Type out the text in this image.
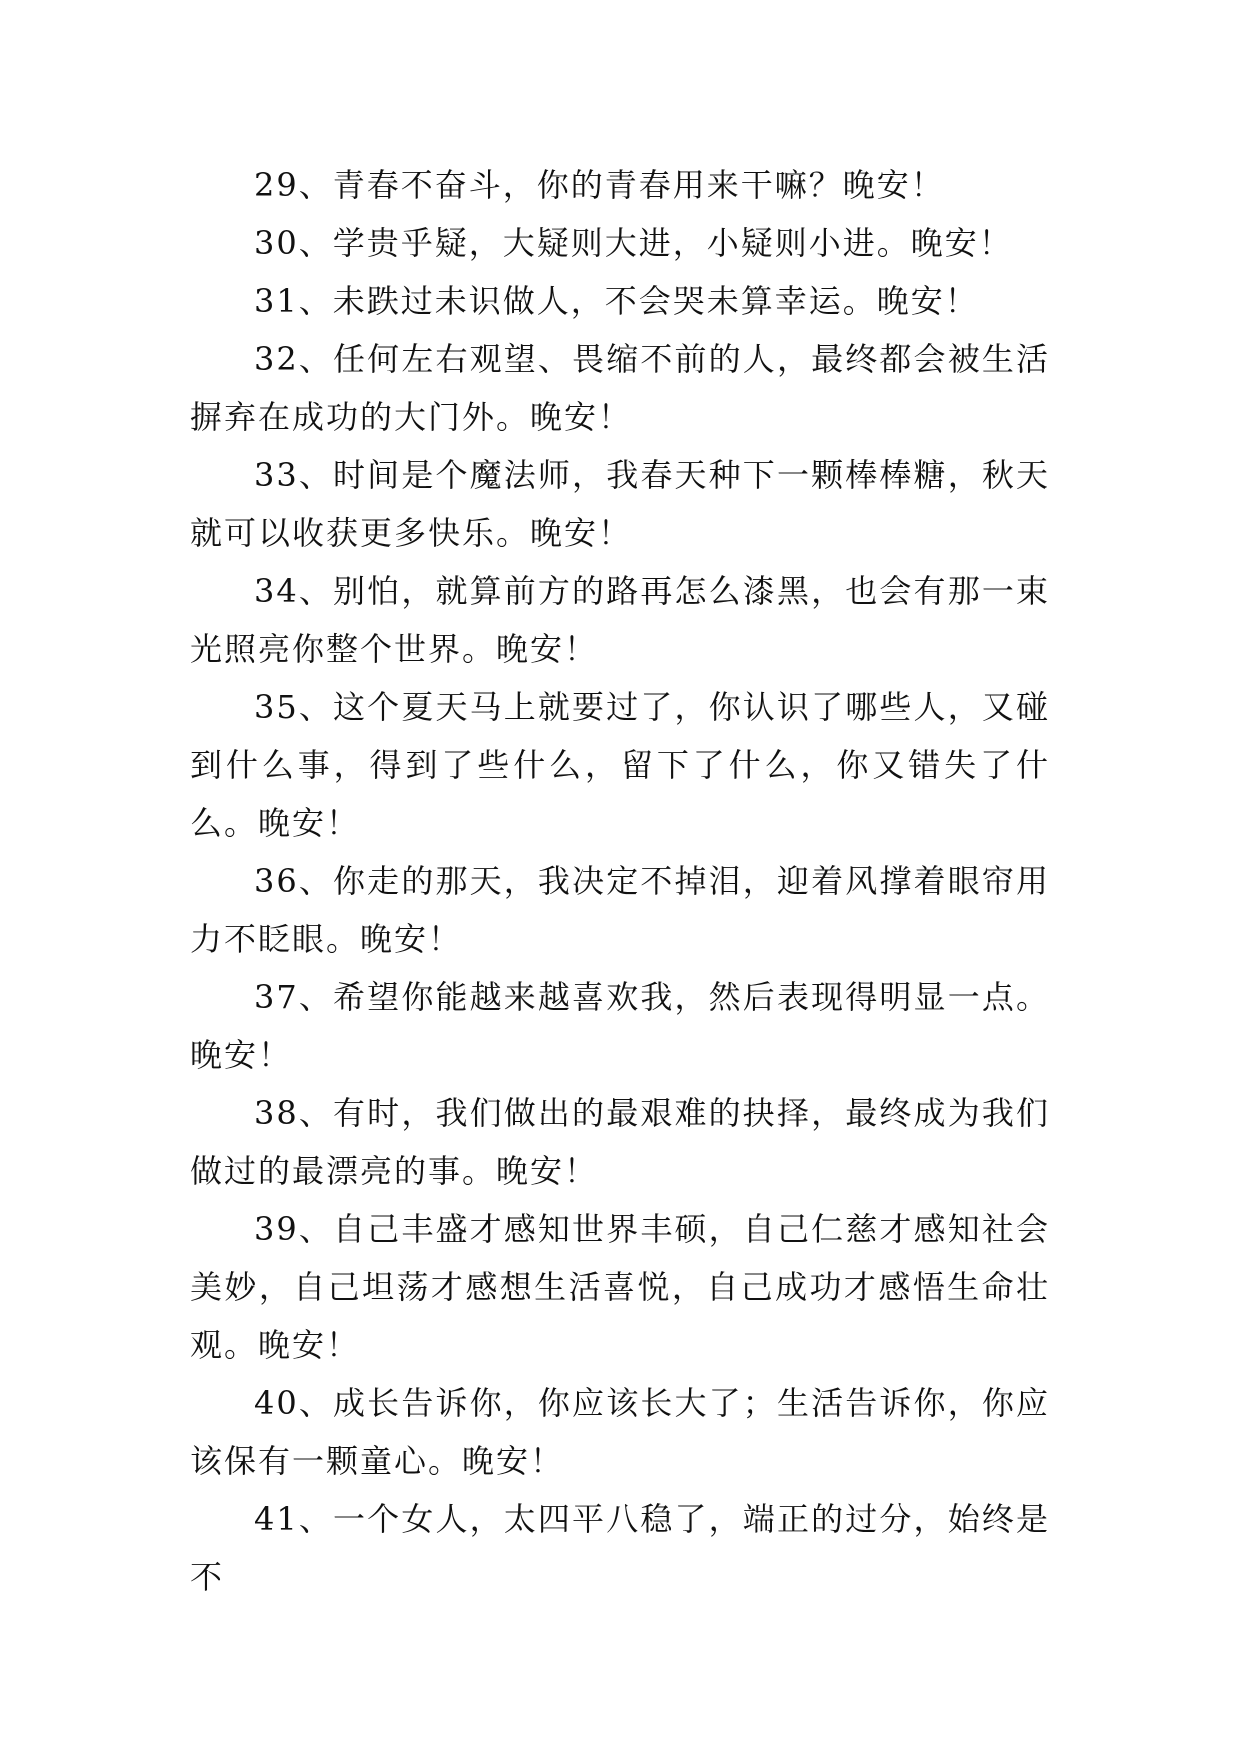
29、青春不奋斗，你的青春用来干嘛？晚安！

30、学贵乎疑，大疑则大进，小疑则小进。晚安！

31、未跌过未识做人，不会哭未算幸运。晚安！

32、任何左右观望、畏缩不前的人，最终都会被生活摒弃在成功的大门外。晚安！

33、时间是个魔法师，我春天种下一颗棒棒糖，秋天就可以收获更多快乐。晚安！

34、别怕，就算前方的路再怎么漆黑，也会有那一束光照亮你整个世界。晚安！

35、这个夏天马上就要过了，你认识了哪些人，又碰到什么事，得到了些什么，留下了什么，你又错失了什么。晚安！

36、你走的那天，我决定不掉泪，迎着风撑着眼帘用力不眨眼。晚安！

37、希望你能越来越喜欢我，然后表现得明显一点。晚安！

38、有时，我们做出的最艰难的抉择，最终成为我们做过的最漂亮的事。晚安！

39、自己丰盛才感知世界丰硕，自己仁慈才感知社会美妙，自己坦荡才感想生活喜悦，自己成功才感悟生命壮观。晚安！

40、成长告诉你，你应该长大了；生活告诉你，你应该保有一颗童心。晚安！

41、一个女人，太四平八稳了，端正的过分，始终是不
